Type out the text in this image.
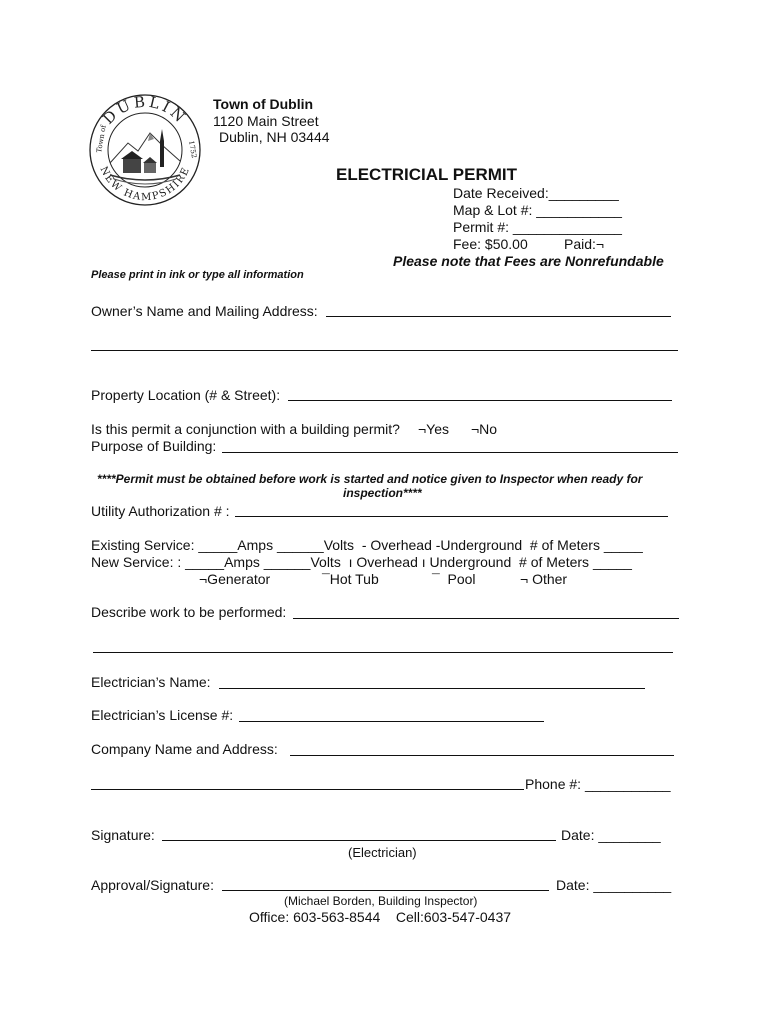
DUBLIN
NEW HAMPSHIRE
Town of	1752
Town of Dublin
1120 Main Street
Dublin, NH 03444
ELECTRICIAL PERMIT
Date Received:_________
Map & Lot #: ___________
Permit #: ______________
Fee: $50.00	Paid:¬
Please note that Fees are Nonrefundable
Please print in ink or type all information
Owner’s Name and Mailing Address:
Property Location (# & Street):
Is this permit a conjunction with a building permit? ¬Yes ¬No
Purpose of Building:
****Permit must be obtained before work is started and notice given to Inspector when ready for
inspection****
Utility Authorization # :
Existing Service: _____Amps ______Volts  ‐ Overhead ‐Underground  # of Meters _____
New Service: : _____Amps ______Volts  ı Overhead ı Underground  # of Meters _____
¬Generator	¯Hot Tub	¯  Pool	¬ Other
Describe work to be performed:
Electrician’s Name:
Electrician’s License #:
Company Name and Address:
Phone #: ___________
Signature:	Date: ________
(Electrician)
Approval/Signature:	Date: __________
(Michael Borden, Building Inspector)
Office: 603-563-8544    Cell:603-547-0437
